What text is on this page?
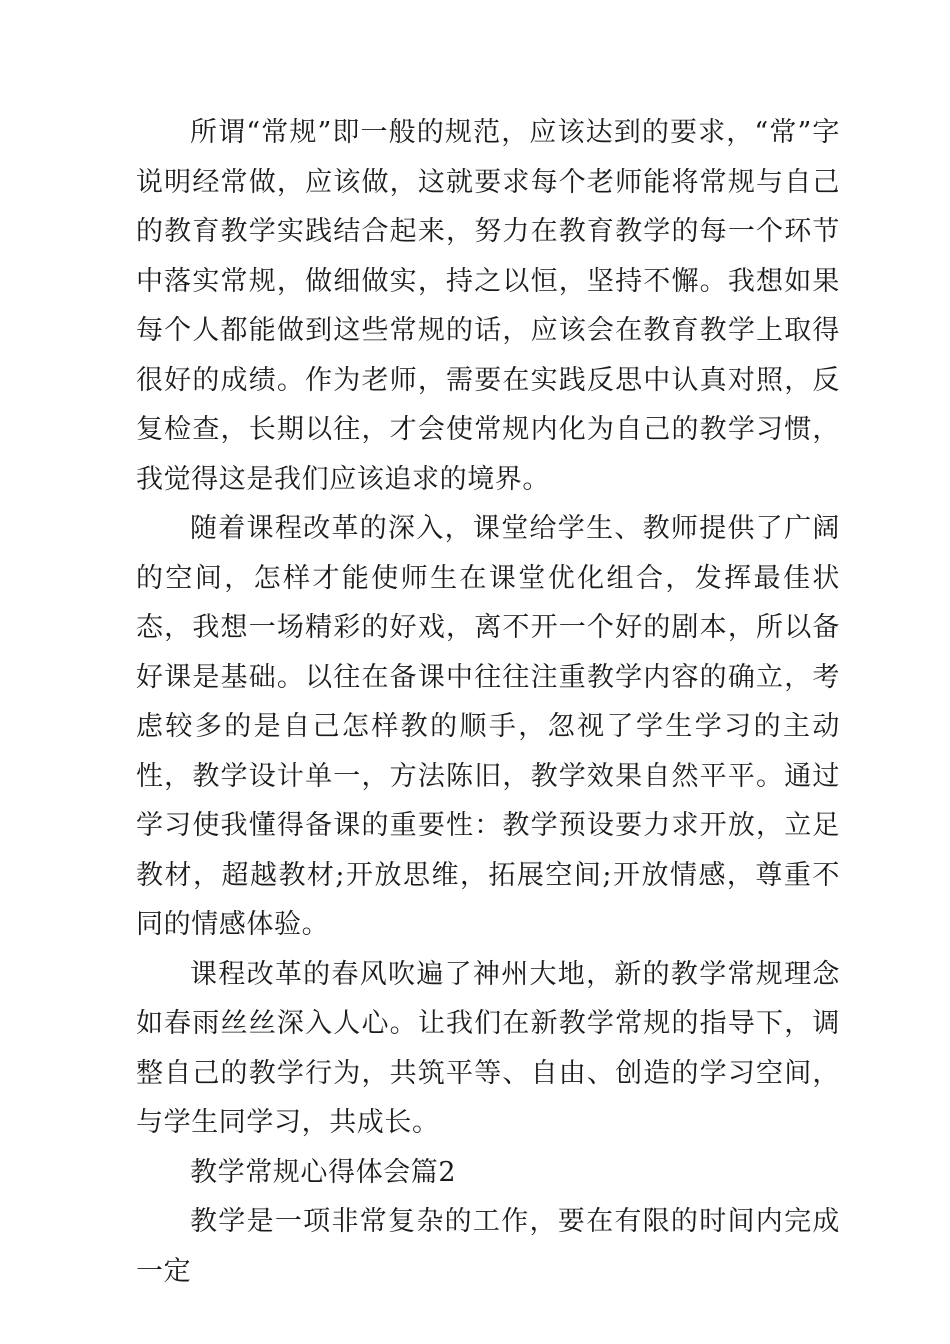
所谓“常规”即一般的规范，应该达到的要求，“常”字说明经常做，应该做，这就要求每个老师能将常规与自己的教育教学实践结合起来，努力在教育教学的每一个环节中落实常规，做细做实，持之以恒，坚持不懈。我想如果每个人都能做到这些常规的话，应该会在教育教学上取得很好的成绩。作为老师，需要在实践反思中认真对照，反复检查，长期以往，才会使常规内化为自己的教学习惯，我觉得这是我们应该追求的境界。

随着课程改革的深入，课堂给学生、教师提供了广阔的空间，怎样才能使师生在课堂优化组合，发挥最佳状态，我想一场精彩的好戏，离不开一个好的剧本，所以备好课是基础。以往在备课中往往注重教学内容的确立，考虑较多的是自己怎样教的顺手，忽视了学生学习的主动性，教学设计单一，方法陈旧，教学效果自然平平。通过学习使我懂得备课的重要性：教学预设要力求开放，立足教材，超越教材;开放思维，拓展空间;开放情感，尊重不同的情感体验。

课程改革的春风吹遍了神州大地，新的教学常规理念如春雨丝丝深入人心。让我们在新教学常规的指导下，调整自己的教学行为，共筑平等、自由、创造的学习空间，与学生同学习，共成长。

教学常规心得体会篇2

教学是一项非常复杂的工作，要在有限的时间内完成一定
